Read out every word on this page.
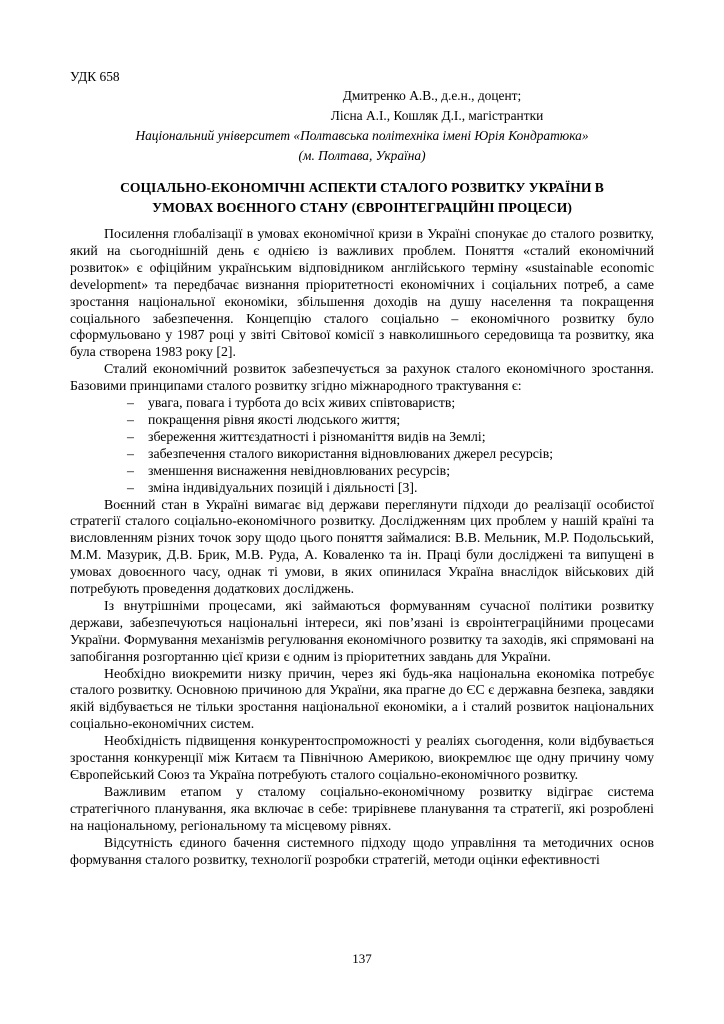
УДК 658
Дмитренко А.В., д.е.н., доцент;
Лісна А.І., Кошляк Д.І., магістрантки
Національний університет «Полтавська політехніка імені Юрія Кондратюка»
(м. Полтава, Україна)
СОЦІАЛЬНО-ЕКОНОМІЧНІ АСПЕКТИ СТАЛОГО РОЗВИТКУ УКРАЇНИ В
УМОВАХ ВОЄННОГО СТАНУ (ЄВРОІНТЕГРАЦІЙНІ ПРОЦЕСИ)

Посилення глобалізації в умовах економічної кризи в Україні спонукає до сталого розвитку, який на сьогоднішній день є однією із важливих проблем. Поняття «сталий економічний розвиток» є офіційним українським відповідником англійського терміну «sustainable economic development» та передбачає визнання пріоритетності економічних і соціальних потреб, а саме зростання національної економіки, збільшення доходів на душу населення та покращення соціального забезпечення. Концепцію сталого соціально – економічного розвитку було сформульовано у 1987 році у звіті Світової комісії з навколишнього середовища та розвитку, яка була створена 1983 року [2].

Сталий економічний розвиток забезпечується за рахунок сталого економічного зростання. Базовими принципами сталого розвитку згідно міжнародного трактування є:

– увага, повага і турбота до всіх живих співтовариств;
– покращення рівня якості людського життя;
– збереження життєздатності і різноманіття видів на Землі;
– забезпечення сталого використання відновлюваних джерел ресурсів;
– зменшення виснаження невідновлюваних ресурсів;
– зміна індивідуальних позицій і діяльності [3].

Воєнний стан в Україні вимагає від держави переглянути підходи до реалізації особистої стратегії сталого соціально-економічного розвитку. Дослідженням цих проблем у нашій країні та висловленням різних точок зору щодо цього поняття займалися: В.В. Мельник, М.Р. Подольський, М.М. Мазурик, Д.В. Брик, М.В. Руда, А. Коваленко та ін. Праці були досліджені та випущені в умовах довоєнного часу, однак ті умови, в яких опинилася Україна внаслідок військових дій потребують проведення додаткових досліджень.

Із внутрішніми процесами, які займаються формуванням сучасної політики розвитку держави, забезпечуються національні інтереси, які пов’язані із євроінтеграційними процесами України. Формування механізмів регулювання економічного розвитку та заходів, які спрямовані на запобігання розгортанню цієї кризи є одним із пріоритетних завдань для України.

Необхідно виокремити низку причин, через які будь-яка національна економіка потребує сталого розвитку. Основною причиною для України, яка прагне до ЄС є державна безпека, завдяки якій відбувається не тільки зростання національної економіки, а і сталий розвиток національних соціально-економічних систем.

Необхідність підвищення конкурентоспроможності у реаліях сьогодення, коли відбувається зростання конкуренції між Китаєм та Північною Америкою, виокремлює ще одну причину чому Європейський Союз та Україна потребують сталого соціально-економічного розвитку.

Важливим етапом у сталому соціально-економічному розвитку відіграє система стратегічного планування, яка включає в себе: трирівневе планування та стратегії, які розроблені на національному, регіональному та місцевому рівнях.

Відсутність єдиного бачення системного підходу щодо управління та методичних основ формування сталого розвитку, технології розробки стратегій, методи оцінки ефективності

137
